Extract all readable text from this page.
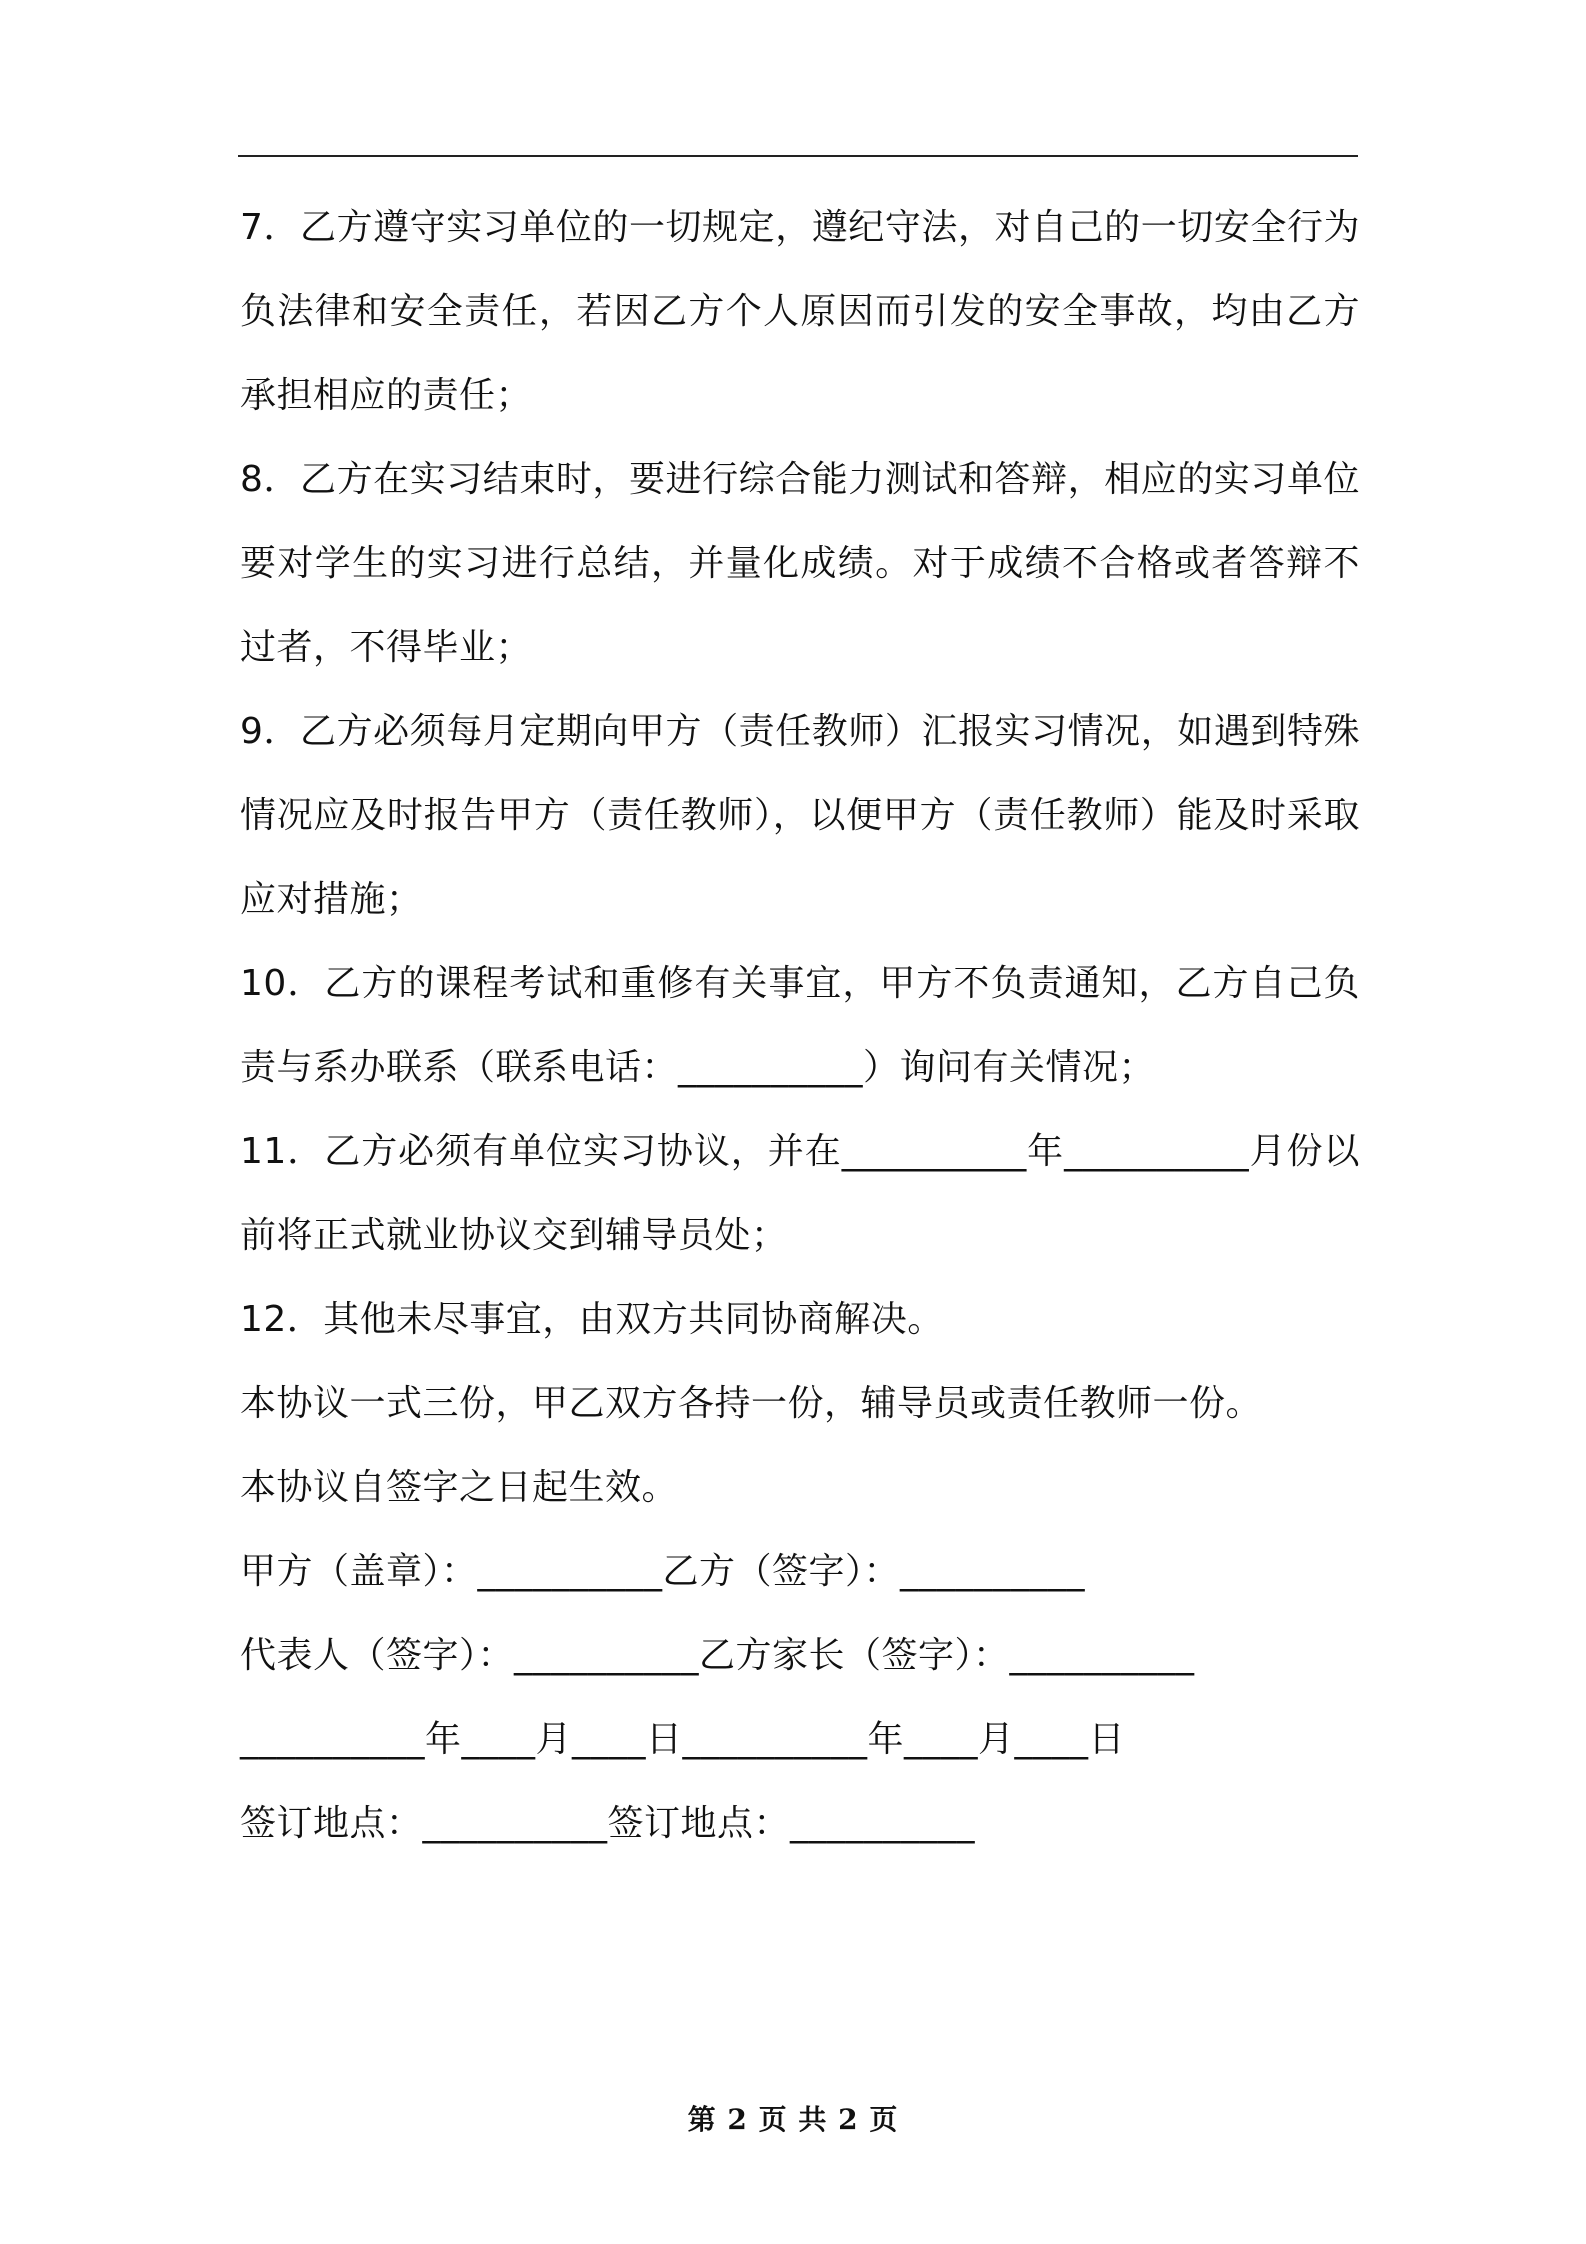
7．乙方遵守实习单位的一切规定，遵纪守法，对自己的一切安全行为负法律和安全责任，若因乙方个人原因而引发的安全事故，均由乙方承担相应的责任；

8．乙方在实习结束时，要进行综合能力测试和答辩，相应的实习单位要对学生的实习进行总结，并量化成绩。对于成绩不合格或者答辩不过者，不得毕业；

9．乙方必须每月定期向甲方（责任教师）汇报实习情况，如遇到特殊情况应及时报告甲方（责任教师），以便甲方（责任教师）能及时采取应对措施；

10．乙方的课程考试和重修有关事宜，甲方不负责通知，乙方自己负责与系办联系（联系电话：__________）询问有关情况；

11．乙方必须有单位实习协议，并在__________年__________月份以前将正式就业协议交到辅导员处；

12．其他未尽事宜，由双方共同协商解决。

本协议一式三份，甲乙双方各持一份，辅导员或责任教师一份。

本协议自签字之日起生效。

甲方（盖章）：__________乙方（签字）：__________

代表人（签字）：__________乙方家长（签字）：__________

__________年____月____日__________年____月____日

签订地点：__________签订地点：__________

第 2 页 共 2 页
